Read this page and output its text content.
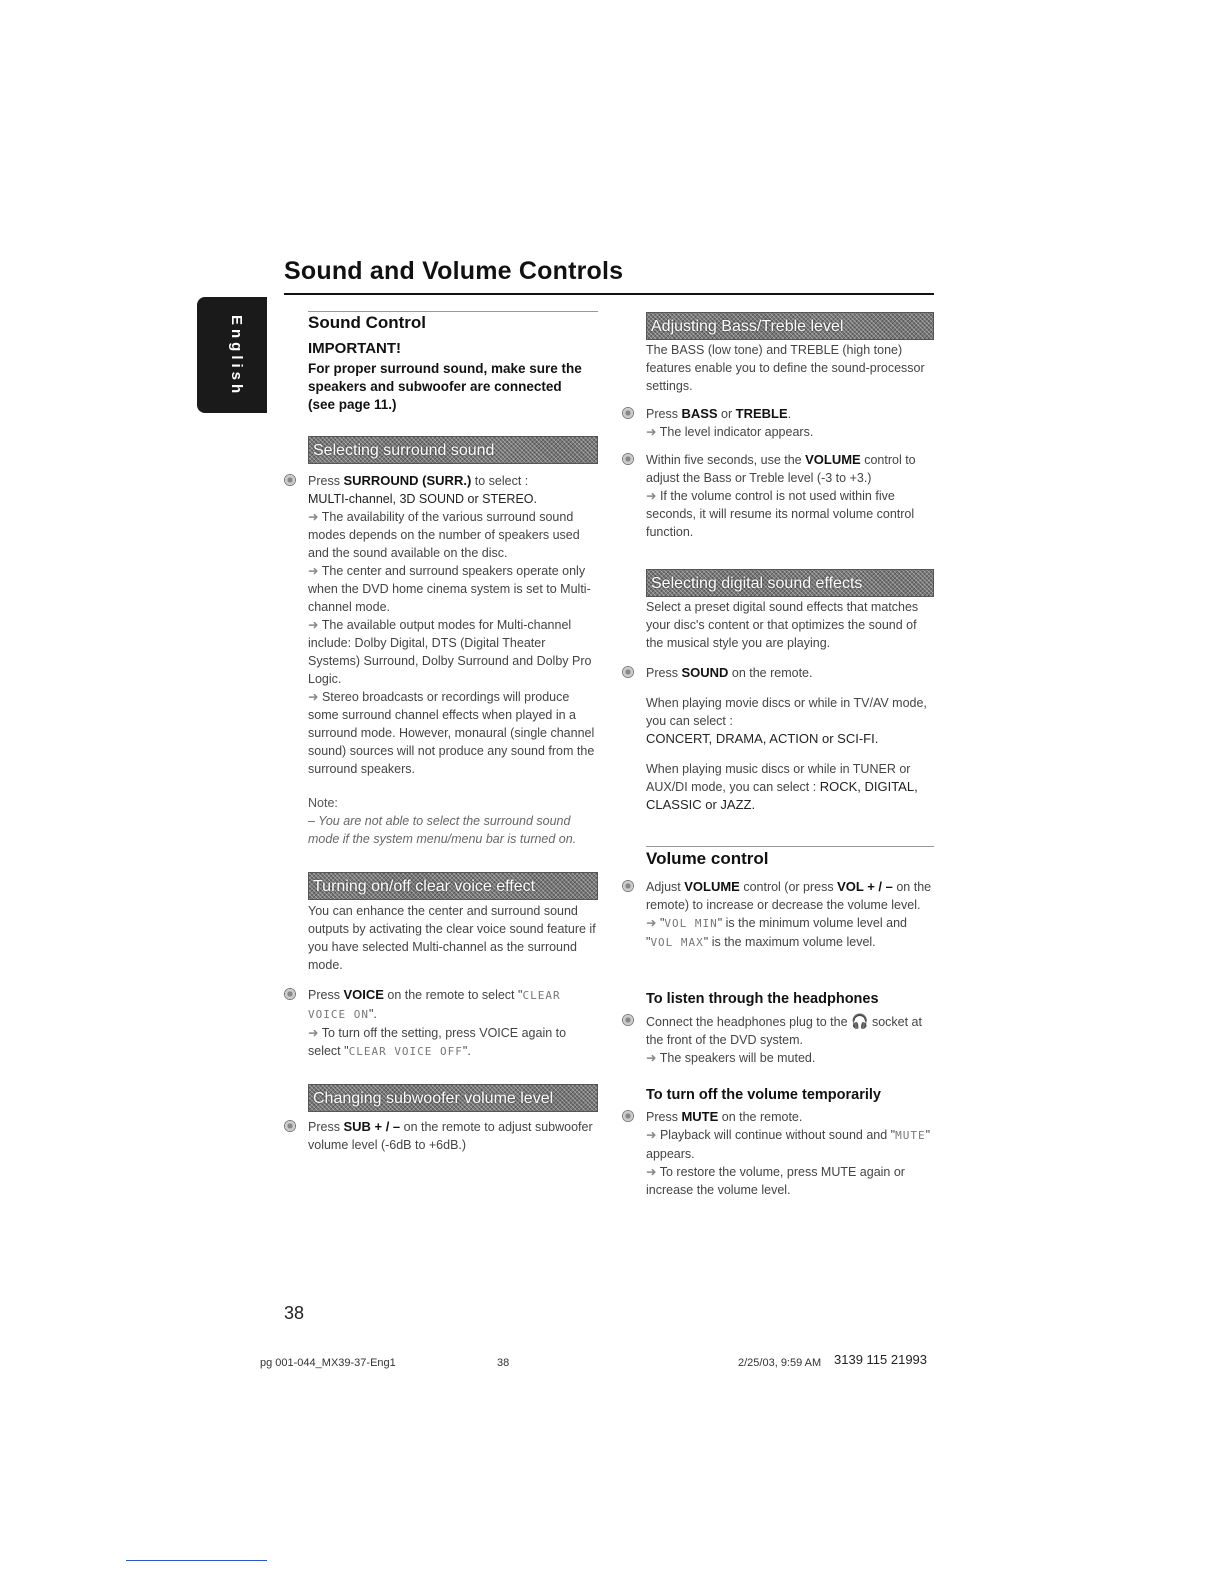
Sound and Volume Controls
English	Sound Control
IMPORTANT!
For proper surround sound, make sure the speakers and subwoofer are connected (see page 11.)
Selecting surround sound
Press SURROUND (SURR.) to select :
MULTI-channel, 3D SOUND or STEREO.
➜ The availability of the various surround sound modes depends on the number of speakers used and the sound available on the disc.
➜ The center and surround speakers operate only when the DVD home cinema system is set to Multi-channel mode.
➜ The available output modes for Multi-channel include: Dolby Digital, DTS (Digital Theater Systems) Surround, Dolby Surround and Dolby Pro Logic.
➜ Stereo broadcasts or recordings will produce some surround channel effects when played in a surround mode. However, monaural (single channel sound) sources will not produce any sound from the surround speakers.
Note:
– You are not able to select the surround sound mode if the system menu/menu bar is turned on.
Turning on/off clear voice effect
You can enhance the center and surround sound outputs by activating the clear voice sound feature if you have selected Multi-channel as the surround mode.
Press VOICE on the remote to select "CLEAR VOICE ON".
➜ To turn off the setting, press VOICE again to select "CLEAR VOICE OFF".
Changing subwoofer volume level
Press SUB + / – on the remote to adjust subwoofer volume level (-6dB to +6dB.)
Adjusting Bass/Treble level
The BASS (low tone) and TREBLE (high tone) features enable you to define the sound-processor settings.
Press BASS or TREBLE.
➜ The level indicator appears.
Within five seconds, use the VOLUME control to adjust the Bass or Treble level (-3 to +3.)
➜ If the volume control is not used within five seconds, it will resume its normal volume control function.
Selecting digital sound effects
Select a preset digital sound effects that matches your disc's content or that optimizes the sound of the musical style you are playing.
Press SOUND on the remote.
When playing movie discs or while in TV/AV mode, you can select :
CONCERT, DRAMA, ACTION or SCI-FI.
When playing music discs or while in TUNER or AUX/DI mode, you can select : ROCK, DIGITAL, CLASSIC or JAZZ.
Volume control
Adjust VOLUME control (or press VOL + / – on the remote) to increase or decrease the volume level.
➜ "VOL MIN" is the minimum volume level and "VOL MAX" is the maximum volume level.
To listen through the headphones
Connect the headphones plug to the 🎧 socket at the front of the DVD system.
➜ The speakers will be muted.
To turn off the volume temporarily
Press MUTE on the remote.
➜ Playback will continue without sound and "MUTE" appears.
➜ To restore the volume, press MUTE again or increase the volume level.
38
pg 001-044_MX39-37-Eng1	38	2/25/03, 9:59 AM 3139 115 21993
